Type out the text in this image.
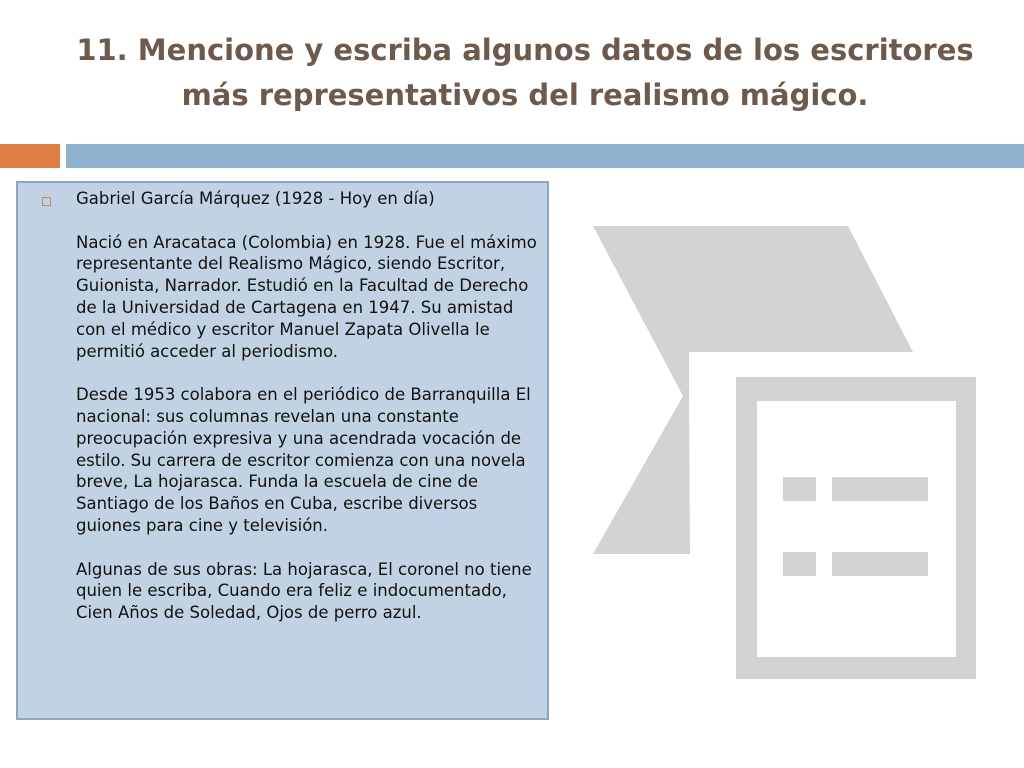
11. Mencione y escriba algunos datos de los escritores
más representativos del realismo mágico.

Gabriel García Márquez (1928 - Hoy en día)

Nació en Aracataca (Colombia) en 1928. Fue el máximo representante del Realismo Mágico, siendo Escritor, Guionista, Narrador. Estudió en la Facultad de Derecho de la Universidad de Cartagena en 1947. Su amistad con el médico y escritor Manuel Zapata Olivella le permitió acceder al periodismo.

Desde 1953 colabora en el periódico de Barranquilla El nacional: sus columnas revelan una constante preocupación expresiva y una acendrada vocación de estilo. Su carrera de escritor comienza con una novela breve, La hojarasca. Funda la escuela de cine de Santiago de los Baños en Cuba, escribe diversos guiones para cine y televisión.

Algunas de sus obras: La hojarasca, El coronel no tiene quien le escriba, Cuando era feliz e indocumentado, Cien Años de Soledad, Ojos de perro azul.
